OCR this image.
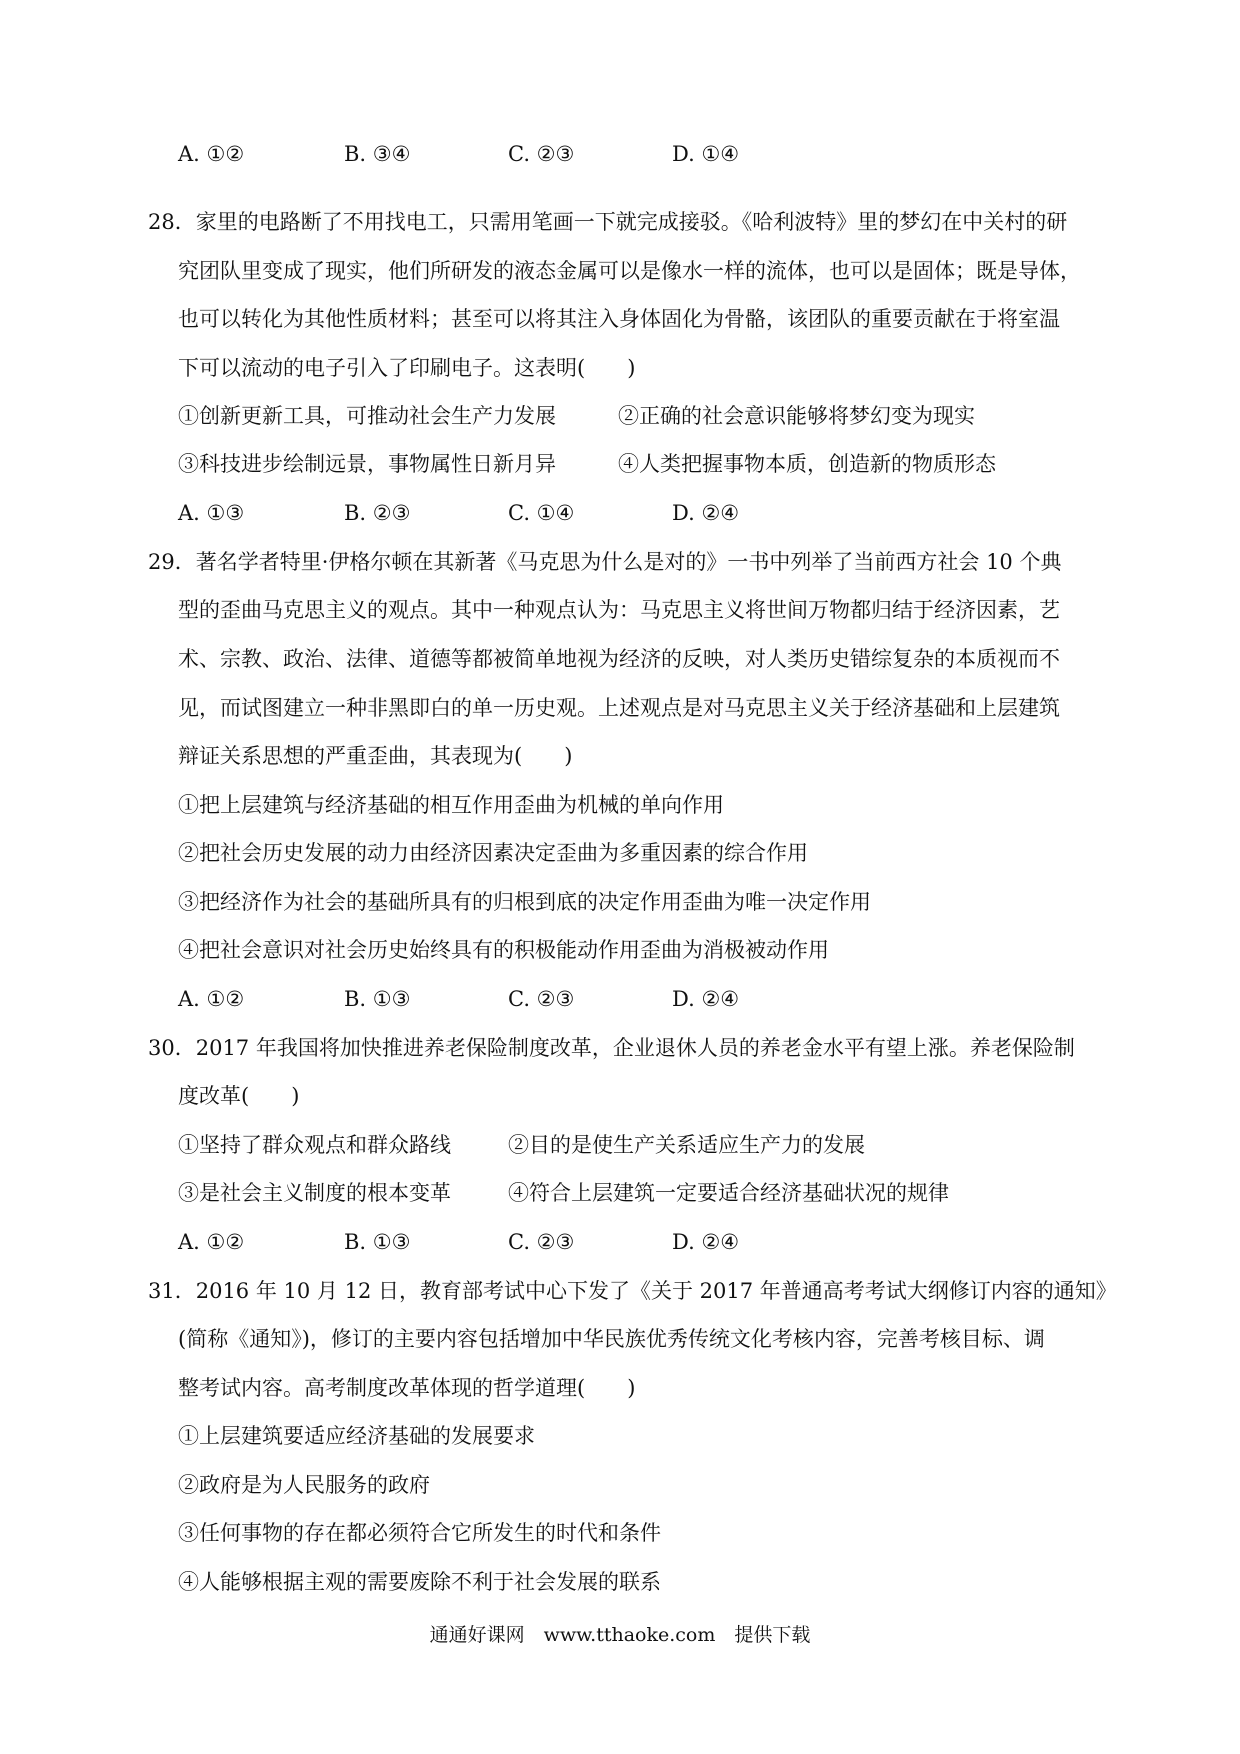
A. ①②	B. ③④	C. ②③	D. ①④
28．家里的电路断了不用找电工，只需用笔画一下就完成接驳。《哈利波特》里的梦幻在中关村的研
究团队里变成了现实，他们所研发的液态金属可以是像水一样的流体，也可以是固体；既是导体，
也可以转化为其他性质材料；甚至可以将其注入身体固化为骨骼，该团队的重要贡献在于将室温
下可以流动的电子引入了印刷电子。这表明(　　)
①创新更新工具，可推动社会生产力发展	②正确的社会意识能够将梦幻变为现实
③科技进步绘制远景，事物属性日新月异	④人类把握事物本质，创造新的物质形态
A. ①③	B. ②③	C. ①④	D. ②④
29．著名学者特里·伊格尔顿在其新著《马克思为什么是对的》一书中列举了当前西方社会 10 个典
型的歪曲马克思主义的观点。其中一种观点认为：马克思主义将世间万物都归结于经济因素，艺
术、宗教、政治、法律、道德等都被简单地视为经济的反映，对人类历史错综复杂的本质视而不
见，而试图建立一种非黑即白的单一历史观。上述观点是对马克思主义关于经济基础和上层建筑
辩证关系思想的严重歪曲，其表现为(　　)
①把上层建筑与经济基础的相互作用歪曲为机械的单向作用
②把社会历史发展的动力由经济因素决定歪曲为多重因素的综合作用
③把经济作为社会的基础所具有的归根到底的决定作用歪曲为唯一决定作用
④把社会意识对社会历史始终具有的积极能动作用歪曲为消极被动作用
A. ①②	B. ①③	C. ②③	D. ②④
30．2017 年我国将加快推进养老保险制度改革，企业退休人员的养老金水平有望上涨。养老保险制
度改革(　　)
①坚持了群众观点和群众路线	②目的是使生产关系适应生产力的发展
③是社会主义制度的根本变革	④符合上层建筑一定要适合经济基础状况的规律
A. ①②	B. ①③	C. ②③	D. ②④
31．2016 年 10 月 12 日，教育部考试中心下发了《关于 2017 年普通高考考试大纲修订内容的通知》
(简称《通知》)，修订的主要内容包括增加中华民族优秀传统文化考核内容，完善考核目标、调
整考试内容。高考制度改革体现的哲学道理(　　)
①上层建筑要适应经济基础的发展要求
②政府是为人民服务的政府
③任何事物的存在都必须符合它所发生的时代和条件
④人能够根据主观的需要废除不利于社会发展的联系
通通好课网　www.tthaoke.com　提供下载
